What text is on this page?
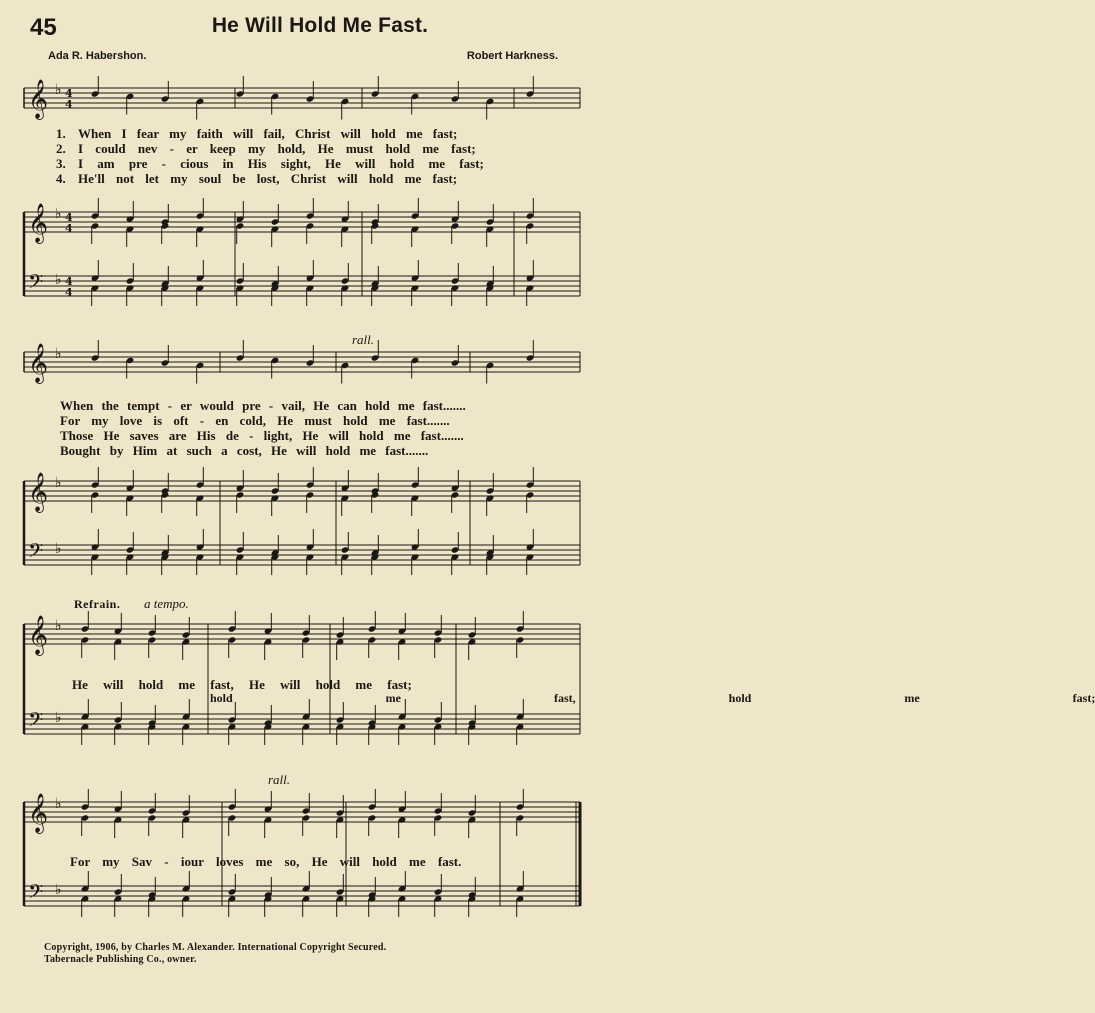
45	He Will Hold Me Fast.
Ada R. Habershon.	Robert Harkness.
𝄞
𝄞
𝄢
♭ 4
4
♭ 4
4
♭ 4
4
𝄞
𝄞
𝄢
♭
♭
♭
𝄞
𝄢
♭
♭
𝄞
𝄢
♭
♭
1.
2.
3.
4.
When I fear my faith will fail, Christ will hold me fast;
I could nev - er keep my hold, He must hold me fast;
I am pre - cious in His sight, He will hold me fast;
He'll not let my soul be lost, Christ will hold me fast;
When the tempt - er would pre - vail, He can hold me fast.......
For my love is oft - en cold, He must hold me fast.......
Those He saves are His de - light, He will hold me fast.......
Bought by Him at such a cost, He will hold me fast.......
rall.
rall.
Refrain. a tempo.
He will hold me fast, He will hold me fast;
hold me fast, hold me fast;
For my Sav - iour loves me so, He will hold me fast.
Copyright, 1906, by Charles M. Alexander. International Copyright Secured.
Tabernacle Publishing Co., owner.
